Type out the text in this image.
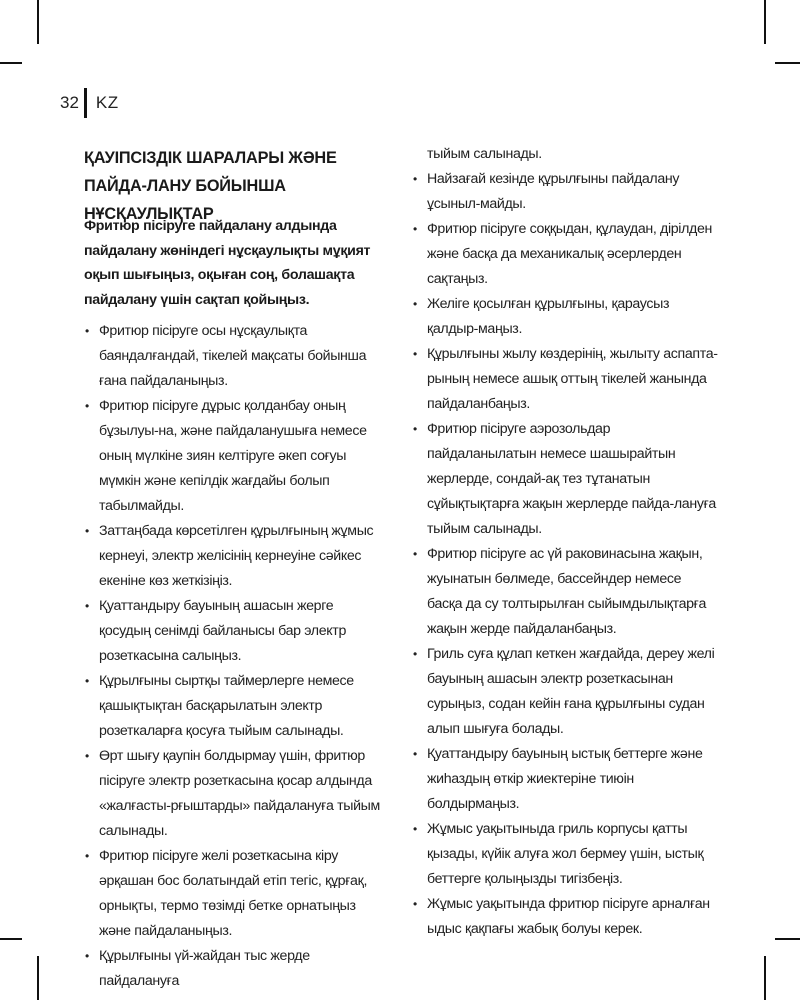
32 KZ
ҚАУІПСІЗДІК ШАРАЛАРЫ ЖӘНЕ ПАЙДА-ЛАНУ БОЙЫНША НҰСҚАУЛЫҚТАР

Фритюр пісіруге пайдалану алдында пайдалану жөніндегі нұсқаулықты мұқият оқып шығыңыз, оқыған соң, болашақта пайдалану үшін сақтап қойыңыз.

• Фритюр пісіруге осы нұсқаулықта баяндалғандай, тікелей мақсаты бойынша ғана пайдаланыңыз.
• Фритюр пісіруге дұрыс қолданбау оның бұзылуы-на, және пайдаланушыға немесе оның мүлкіне зиян келтіруге әкеп соғуы мүмкін және кепілдік жағдайы болып табылмайды.
• Заттаңбада көрсетілген құрылғының жұмыс кернеуі, электр желісінің кернеуіне сәйкес екеніне көз жеткізіңіз.
• Қуаттандыру бауының ашасын жерге қосудың сенімді байланысы бар электр розеткасына салыңыз.
• Құрылғыны сыртқы таймерлерге немесе қашықтықтан басқарылатын электр розеткаларға қосуға тыйым салынады.
• Өрт шығу қаупін болдырмау үшін, фритюр пісіруге электр розеткасына қосар алдында «жалғасты-рғыштарды» пайдалануға тыйым салынады.
• Фритюр пісіруге желі розеткасына кіру әрқашан бос болатындай етіп тегіс, құрғақ, орнықты, термо төзімді бетке орнатыңыз және пайдаланыңыз.
• Құрылғыны үй-жайдан тыс жерде пайдалануға

тыйым салынады.

• Найзағай кезінде құрылғыны пайдалану ұсыныл-майды.
• Фритюр пісіруге соққыдан, құлаудан, дірілден және басқа да механикалық әсерлерден сақтаңыз.
• Желіге қосылған құрылғыны, қараусыз қалдыр-маңыз.
• Құрылғыны жылу көздерінің, жылыту аспапта-рының немесе ашық оттың тікелей жанында пайдаланбаңыз.
• Фритюр пісіруге аэрозольдар пайдаланылатын немесе шашырайтын жерлерде, сондай-ақ тез тұтанатын сұйықтықтарға жақын жерлерде пайда-лануға тыйым салынады.
• Фритюр пісіруге ас үй раковинасына жақын, жуынатын бөлмеде, бассейндер немесе басқа да су толтырылған сыйымдылықтарға жақын жерде пайдаланбаңыз.
• Гриль суға құлап кеткен жағдайда, дереу желі бауының ашасын электр розеткасынан сурыңыз, содан кейін ғана құрылғыны судан алып шығуға болады.
• Қуаттандыру бауының ыстық беттерге және жиһаздың өткір жиектеріне тиюін болдырмаңыз.
• Жұмыс уақытыныда гриль корпусы қатты қызады, күйік алуға жол бермеу үшін, ыстық беттерге қолыңызды тигізбеңіз.
• Жұмыс уақытында фритюр пісіруге арналған ыдыс қақпағы жабық болуы керек.
